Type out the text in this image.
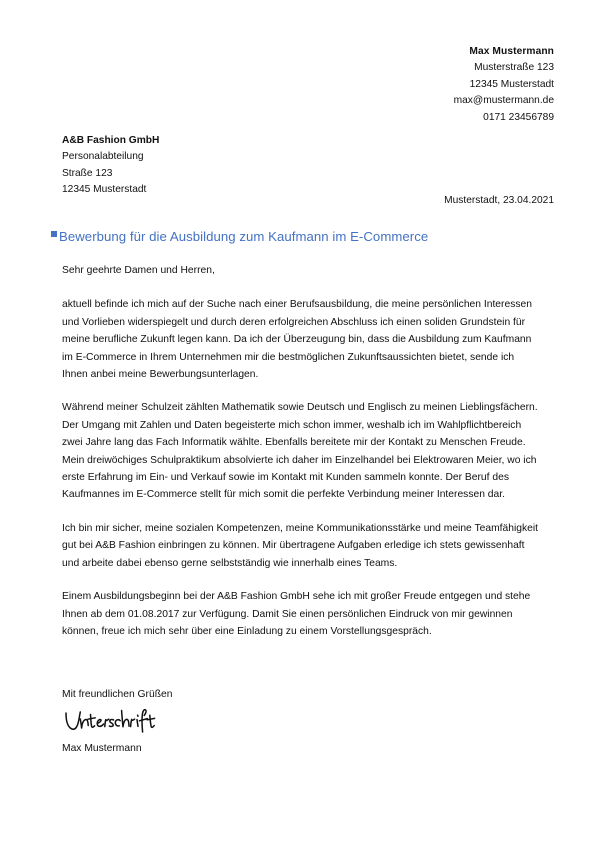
Max Mustermann
Musterstraße 123
12345 Musterstadt
max@mustermann.de
0171 23456789
A&B Fashion GmbH
Personalabteilung
Straße 123
12345 Musterstadt
Musterstadt, 23.04.2021
Bewerbung für die Ausbildung zum Kaufmann im E-Commerce

Sehr geehrte Damen und Herren,

aktuell befinde ich mich auf der Suche nach einer Berufsausbildung, die meine persönlichen Interessen und Vorlieben widerspiegelt und durch deren erfolgreichen Abschluss ich einen soliden Grundstein für meine berufliche Zukunft legen kann. Da ich der Überzeugung bin, dass die Ausbildung zum Kaufmann im E-Commerce in Ihrem Unternehmen mir die bestmöglichen Zukunftsaussichten bietet, sende ich Ihnen anbei meine Bewerbungsunterlagen.

Während meiner Schulzeit zählten Mathematik sowie Deutsch und Englisch zu meinen Lieblingsfächern. Der Umgang mit Zahlen und Daten begeisterte mich schon immer, weshalb ich im Wahlpflichtbereich zwei Jahre lang das Fach Informatik wählte. Ebenfalls bereitete mir der Kontakt zu Menschen Freude. Mein dreiwöchiges Schulpraktikum absolvierte ich daher im Einzelhandel bei Elektrowaren Meier, wo ich erste Erfahrung im Ein- und Verkauf sowie im Kontakt mit Kunden sammeln konnte. Der Beruf des Kaufmannes im E-Commerce stellt für mich somit die perfekte Verbindung meiner Interessen dar.

Ich bin mir sicher, meine sozialen Kompetenzen, meine Kommunikationsstärke und meine Teamfähigkeit gut bei A&B Fashion einbringen zu können. Mir übertragene Aufgaben erledige ich stets gewissenhaft und arbeite dabei ebenso gerne selbstständig wie innerhalb eines Teams.

Einem Ausbildungsbeginn bei der A&B Fashion GmbH sehe ich mit großer Freude entgegen und stehe Ihnen ab dem 01.08.2017 zur Verfügung. Damit Sie einen persönlichen Eindruck von mir gewinnen können, freue ich mich sehr über eine Einladung zu einem Vorstellungsgespräch.

Mit freundlichen Grüßen

Max Mustermann
